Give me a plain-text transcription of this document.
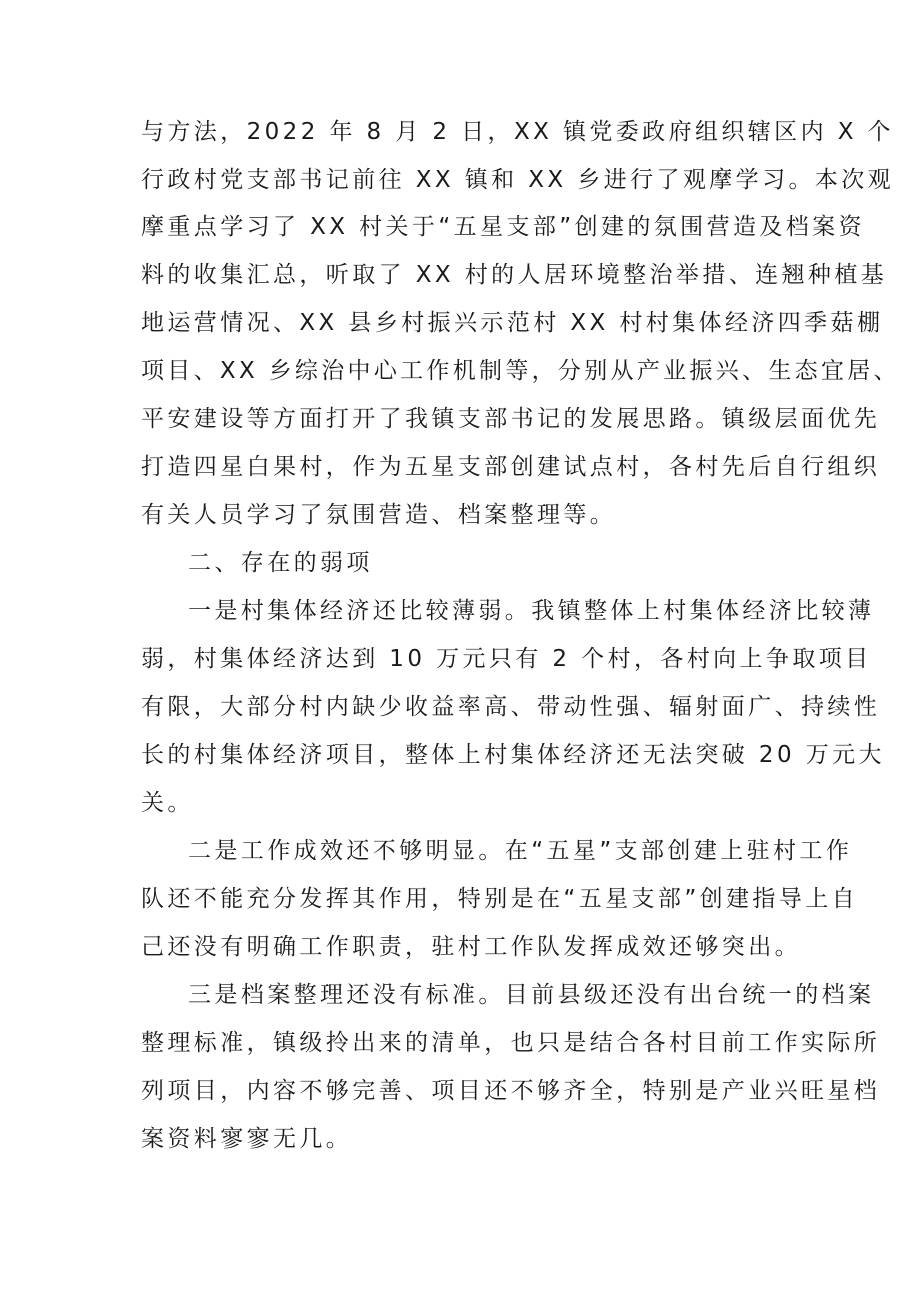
与方法，2022 年 8 月 2 日，XX 镇党委政府组织辖区内 X 个
行政村党支部书记前往 XX 镇和 XX 乡进行了观摩学习。本次观
摩重点学习了 XX 村关于“五星支部”创建的氛围营造及档案资
料的收集汇总，听取了 XX 村的人居环境整治举措、连翘种植基
地运营情况、XX 县乡村振兴示范村 XX 村村集体经济四季菇棚
项目、XX 乡综治中心工作机制等，分别从产业振兴、生态宜居、
平安建设等方面打开了我镇支部书记的发展思路。镇级层面优先
打造四星白果村，作为五星支部创建试点村，各村先后自行组织
有关人员学习了氛围营造、档案整理等。
二、存在的弱项
一是村集体经济还比较薄弱。我镇整体上村集体经济比较薄
弱，村集体经济达到 10 万元只有 2 个村，各村向上争取项目
有限，大部分村内缺少收益率高、带动性强、辐射面广、持续性
长的村集体经济项目，整体上村集体经济还无法突破 20 万元大
关。
二是工作成效还不够明显。在“五星”支部创建上驻村工作
队还不能充分发挥其作用，特别是在“五星支部”创建指导上自
己还没有明确工作职责，驻村工作队发挥成效还够突出。
三是档案整理还没有标准。目前县级还没有出台统一的档案
整理标准，镇级拎出来的清单，也只是结合各村目前工作实际所
列项目，内容不够完善、项目还不够齐全，特别是产业兴旺星档
案资料寥寥无几。
